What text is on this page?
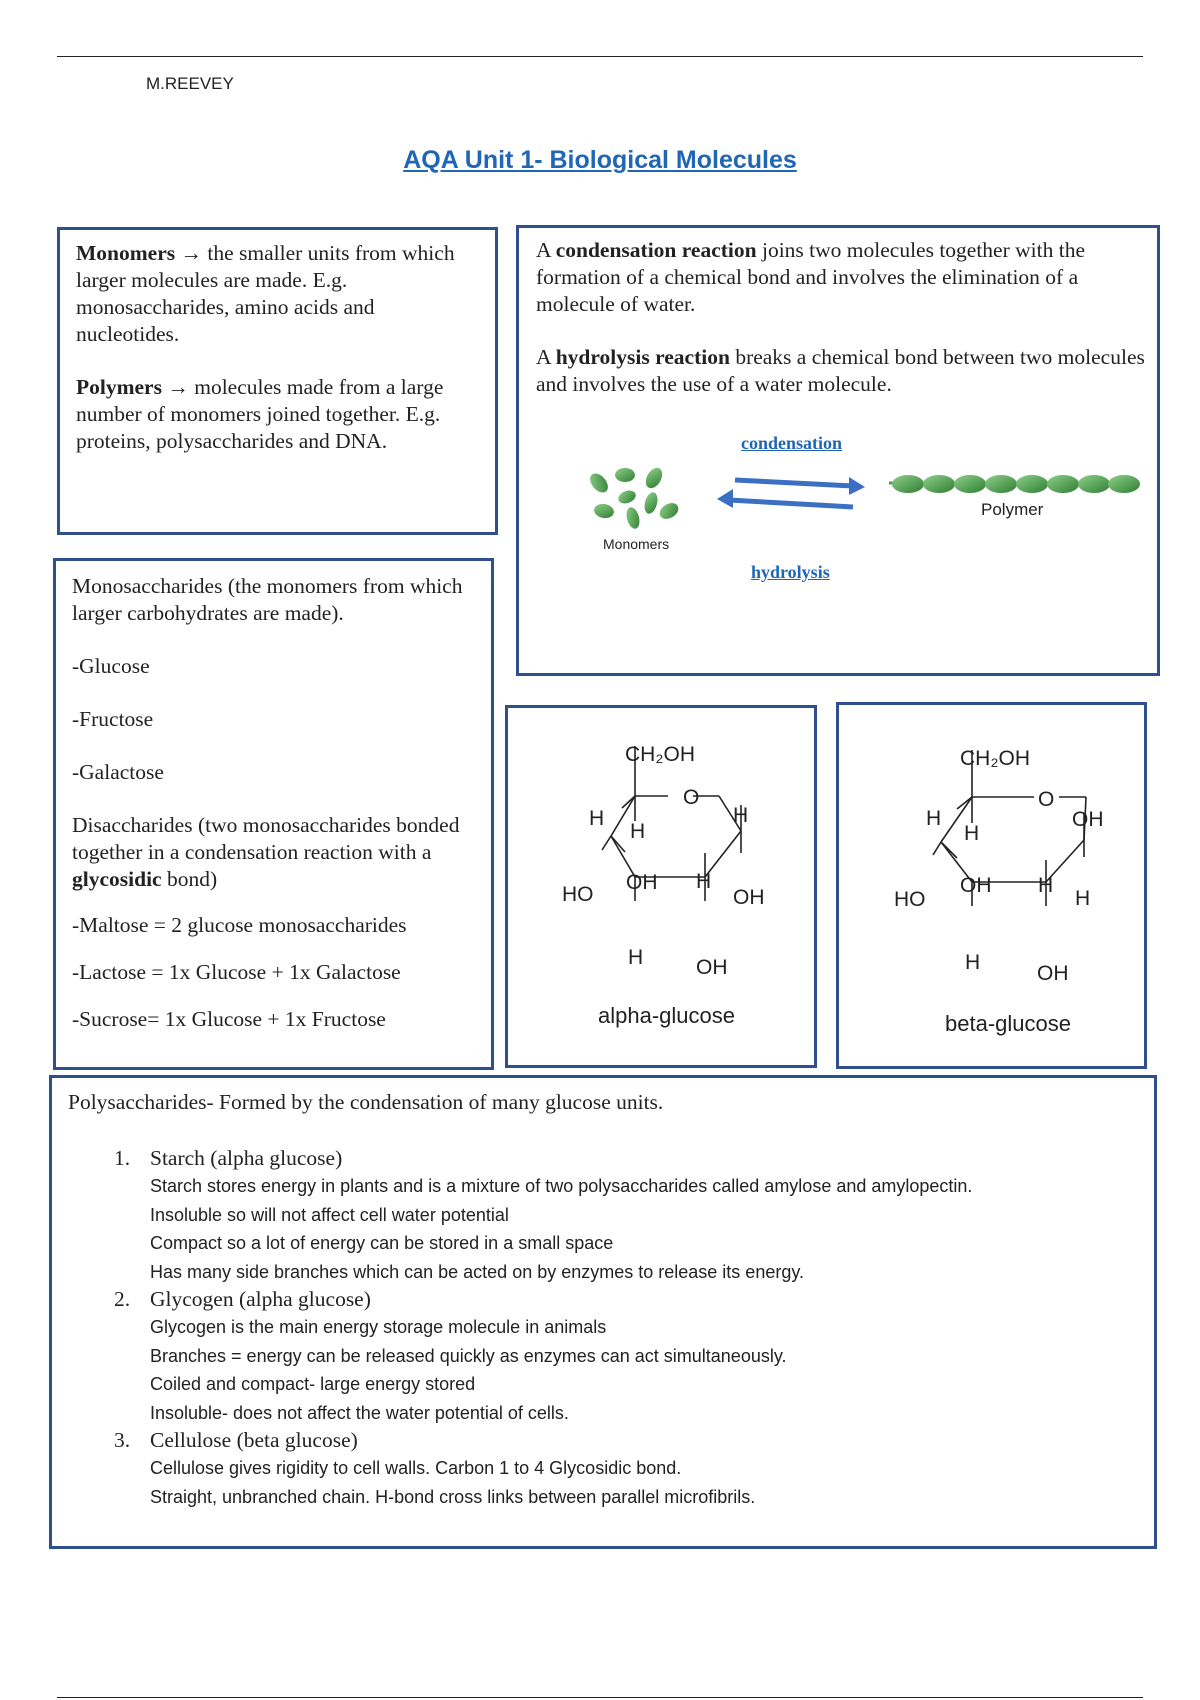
M.REEVEY
AQA Unit 1- Biological Molecules

Monomers → the smaller units from which larger molecules are made. E.g. monosaccharides, amino acids and nucleotides.

Polymers → molecules made from a large number of monomers joined together. E.g. proteins, polysaccharides and DNA.

A condensation reaction joins two molecules together with the formation of a chemical bond and involves the elimination of a molecule of water.

A hydrolysis reaction breaks a chemical bond between two molecules and involves the use of a water molecule.

condensation
hydrolysis
Monomers
Polymer

Monosaccharides (the monomers from which larger carbohydrates are made).

-Glucose

-Fructose

-Galactose

Disaccharides (two monosaccharides bonded together in a condensation reaction with a glycosidic bond)

-Maltose = 2 glucose monosaccharides

-Lactose = 1x Glucose + 1x Galactose

-Sucrose= 1x Glucose + 1x Fructose

CH₂OH
O
H
H
H
HO
OH H
OH
H	OH
alpha-glucose
CH₂OH
O
H
H
OH
HO
OH H
H
H	OH
beta-glucose

Polysaccharides- Formed by the condensation of many glucose units.

1. Starch (alpha glucose)
Starch stores energy in plants and is a mixture of two polysaccharides called amylose and amylopectin.
Insoluble so will not affect cell water potential
Compact so a lot of energy can be stored in a small space
Has many side branches which can be acted on by enzymes to release its energy.
2. Glycogen (alpha glucose)
Glycogen is the main energy storage molecule in animals
Branches = energy can be released quickly as enzymes can act simultaneously.
Coiled and compact- large energy stored
Insoluble- does not affect the water potential of cells.
3. Cellulose (beta glucose)
Cellulose gives rigidity to cell walls. Carbon 1 to 4 Glycosidic bond.
Straight, unbranched chain. H-bond cross links between parallel microfibrils.
